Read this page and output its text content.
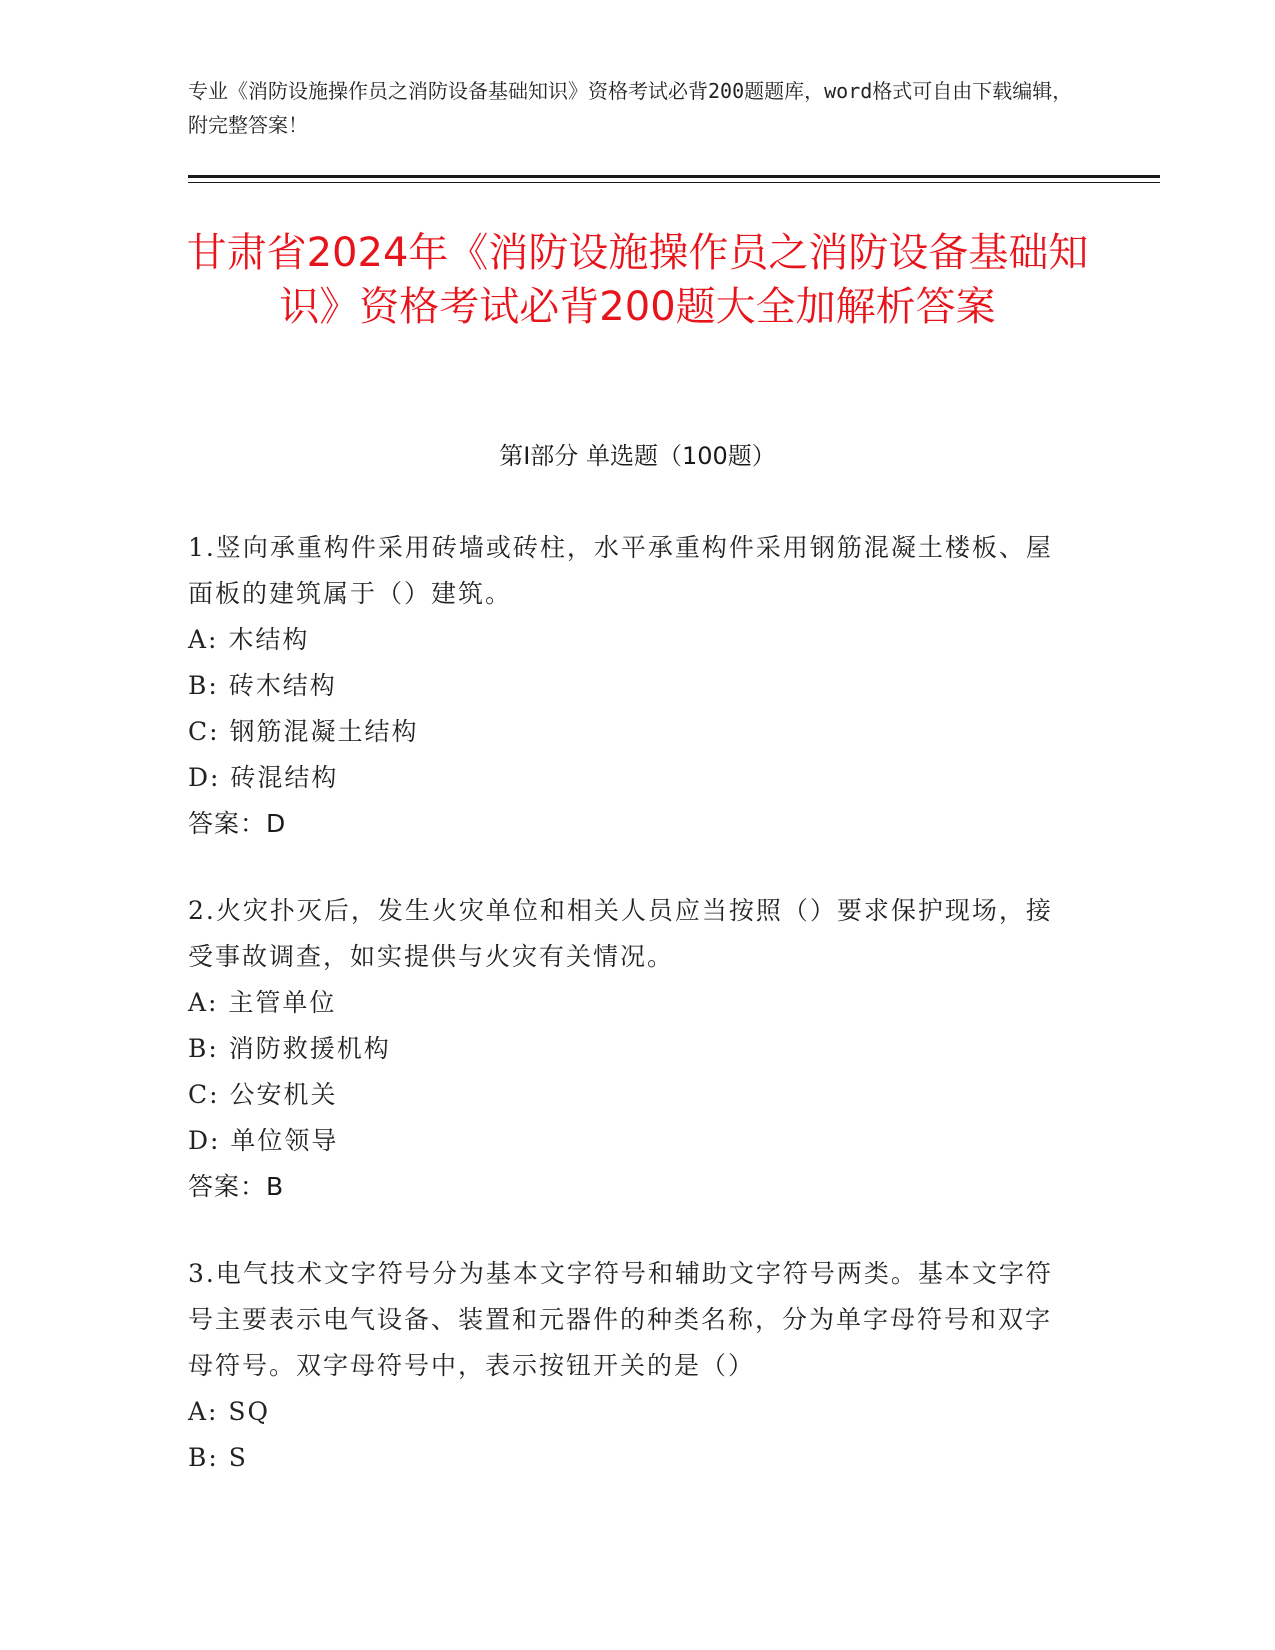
专业《消防设施操作员之消防设备基础知识》资格考试必背200题题库，word格式可自由下载编辑，附完整答案！
甘肃省2024年《消防设施操作员之消防设备基础知识》资格考试必背200题大全加解析答案
第I部分 单选题（100题）
1.竖向承重构件采用砖墙或砖柱，水平承重构件采用钢筋混凝土楼板、屋面板的建筑属于（）建筑。
A: 木结构
B: 砖木结构
C: 钢筋混凝土结构
D: 砖混结构
答案：D
2.火灾扑灭后，发生火灾单位和相关人员应当按照（）要求保护现场，接受事故调查，如实提供与火灾有关情况。
A: 主管单位
B: 消防救援机构
C: 公安机关
D: 单位领导
答案：B
3.电气技术文字符号分为基本文字符号和辅助文字符号两类。基本文字符号主要表示电气设备、装置和元器件的种类名称，分为单字母符号和双字母符号。双字母符号中，表示按钮开关的是（）
A: SQ
B: S
